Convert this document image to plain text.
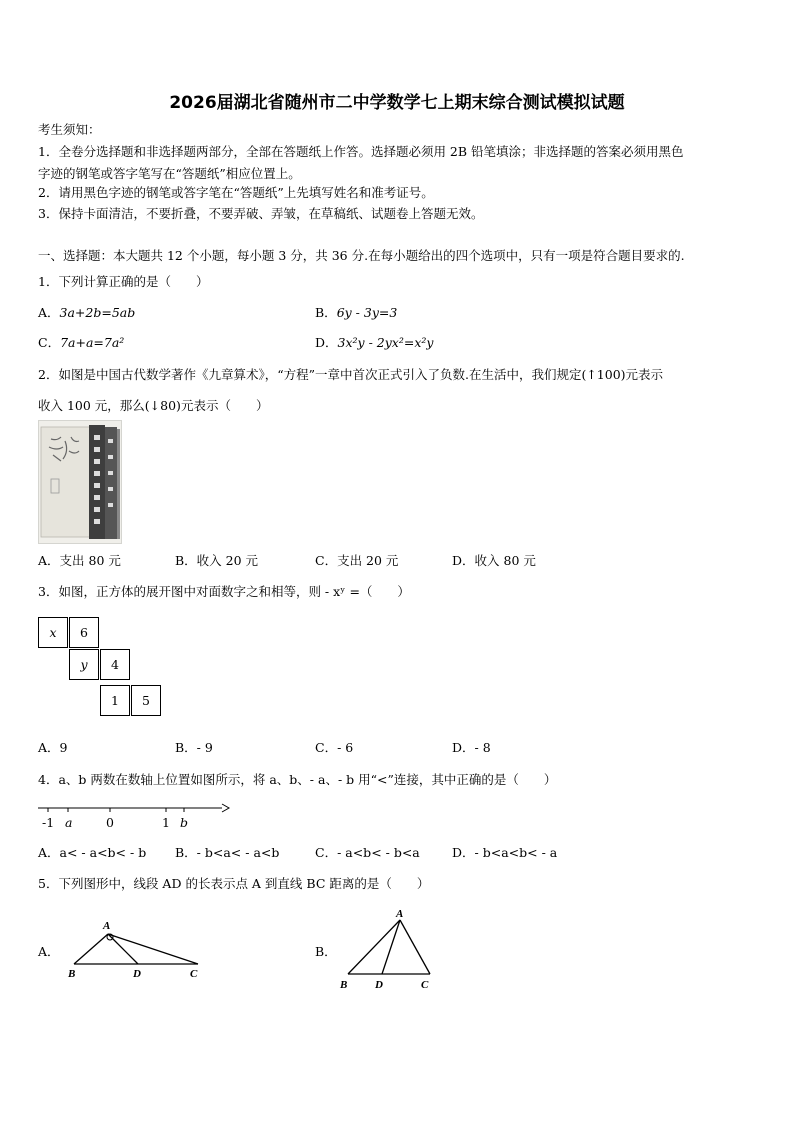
2026届湖北省随州市二中学数学七上期末综合测试模拟试题
考生须知：
1．全卷分选择题和非选择题两部分，全部在答题纸上作答。选择题必须用 2B 铅笔填涂；非选择题的答案必须用黑色
字迹的钢笔或答字笔写在“答题纸”相应位置上。
2．请用黑色字迹的钢笔或答字笔在“答题纸”上先填写姓名和准考证号。
3．保持卡面清洁，不要折叠，不要弄破、弄皱，在草稿纸、试题卷上答题无效。
一、选择题：本大题共 12 个小题，每小题 3 分，共 36 分.在每小题给出的四个选项中，只有一项是符合题目要求的.
1．下列计算正确的是（　　）
A．3a+2b=5ab	B．6y - 3y=3
C．7a+a=7a²	D．3x²y - 2yx²=x²y
2．如图是中国古代数学著作《九章算术》，“方程”一章中首次正式引入了负数.在生活中，我们规定(↑100)元表示
收入 100 元，那么(↓80)元表示（　　）
A．支出 80 元	B．收入 20 元	C．支出 20 元	D．收入 80 元
3．如图，正方体的展开图中对面数字之和相等，则 - xʸ =（　　）
x	6
y	4
1	5
A．9	B．- 9	C．- 6	D．- 8
4．a、b 两数在数轴上位置如图所示，将 a、b、- a、- b 用“<”连接，其中正确的是（　　）
-1 a	0	1 b
A．a< - a<b< - b B．- b<a< - a<b	C．- a<b< - b<a	D．- b<a<b< - a
5．下列图形中，线段 AD 的长表示点 A 到直线 BC 距离的是（　　）
A．
A
B	D	C
B．
A
B	D	C
